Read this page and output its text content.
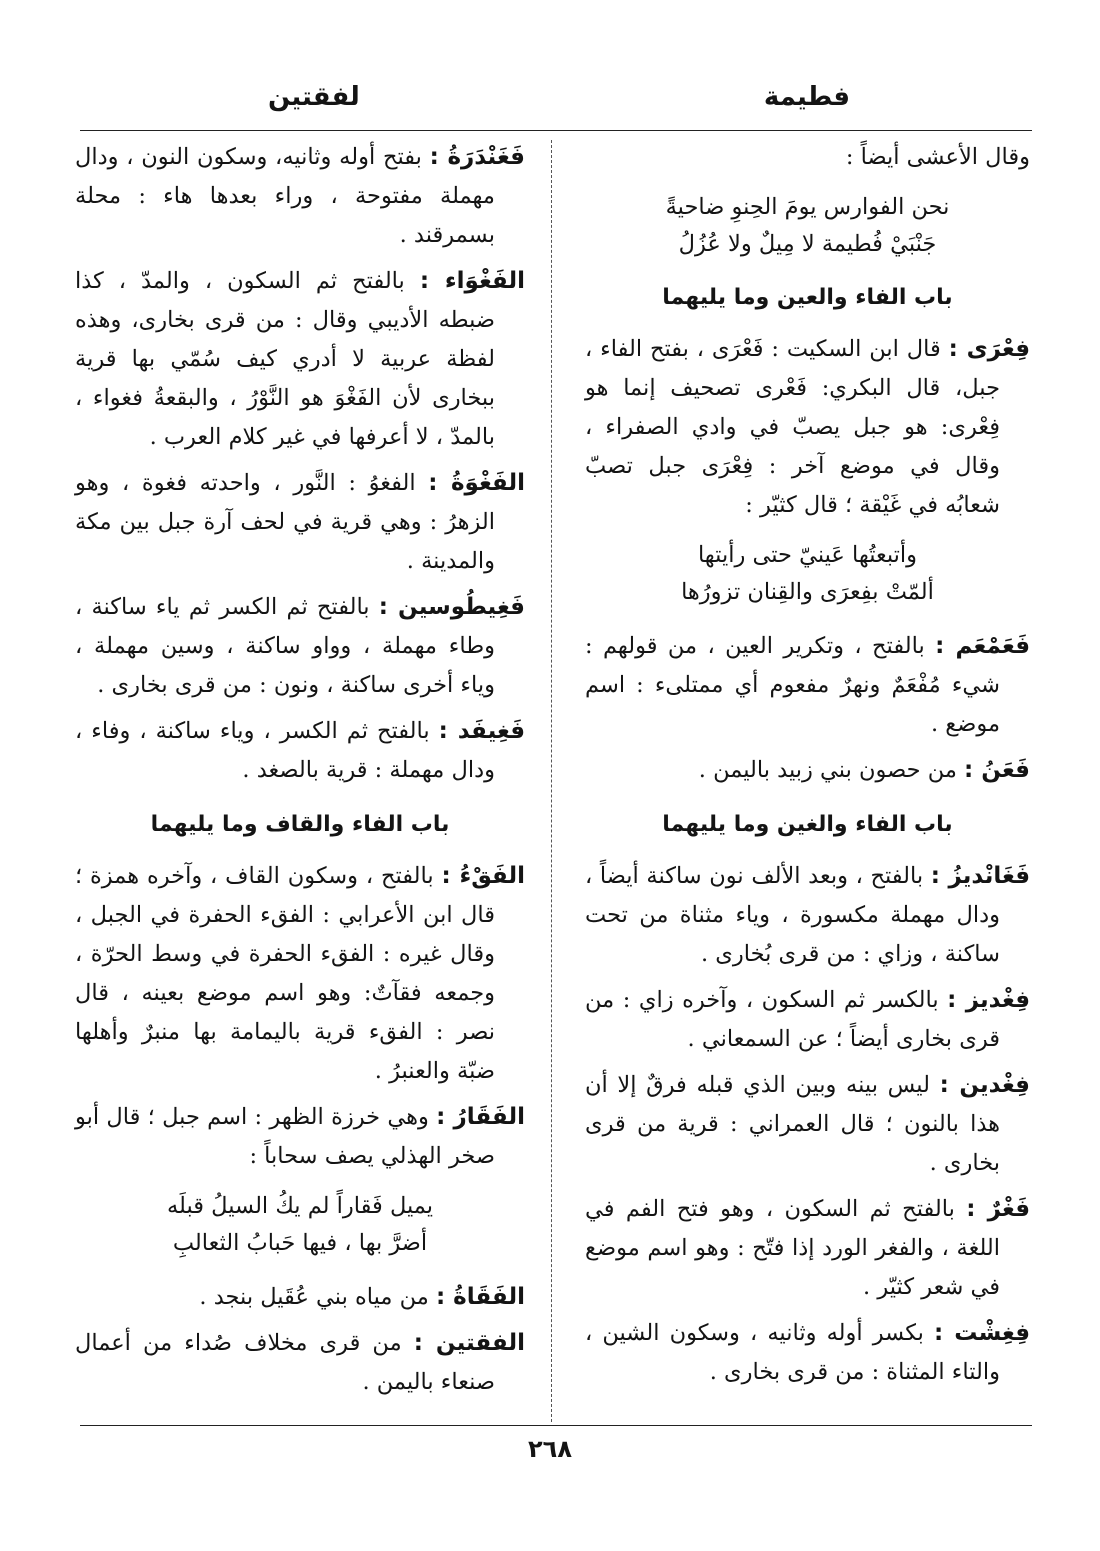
فطيمة
لفقتين
وقال الأعشى أيضاً :
نحن الفوارس يومَ الحِنوِ ضاحيةً
جَنْبَيْ فُطيمة لا مِيلٌ ولا عُزُلُ
باب الفاء والعين وما يليهما
فِعْرَى : قال ابن السكيت : فَعْرَى ، بفتح الفاء ، جبل، قال البكري: فَعْرى تصحيف إنما هو فِعْرى: هو جبل يصبّ في وادي الصفراء ، وقال في موضع آخر : فِعْرَى جبل تصبّ شعابُه في غَيْقة ؛ قال كثيّر :
وأتبعتُها عَينيّ حتى رأيتها
ألمّتْ بفِعرَى والقِنان تزورُها
فَعَمْعَم : بالفتح ، وتكرير العين ، من قولهم : شيء مُفْعَمٌ ونهرٌ مفعوم أي ممتلىء : اسم موضع .
فَعَنُ : من حصون بني زبيد باليمن .
باب الفاء والغين وما يليهما
فَغَانْديزُ : بالفتح ، وبعد الألف نون ساكنة أيضاً ، ودال مهملة مكسورة ، وياء مثناة من تحت ساكنة ، وزاي : من قرى بُخارى .
فِغْديز : بالكسر ثم السكون ، وآخره زاي : من قرى بخارى أيضاً ؛ عن السمعاني .
فِغْدين : ليس بينه وبين الذي قبله فرقٌ إلا أن هذا بالنون ؛ قال العمراني : قرية من قرى بخارى .
فَغْرٌ : بالفتح ثم السكون ، وهو فتح الفم في اللغة ، والفغر الورد إذا فتّح : وهو اسم موضع في شعر كثيّر .
فِغِشْت : بكسر أوله وثانيه ، وسكون الشين ، والتاء المثناة : من قرى بخارى .
فَغَنْدَرَةُ : بفتح أوله وثانيه، وسكون النون ، ودال مهملة مفتوحة ، وراء بعدها هاء : محلة بسمرقند .
الفَغْوَاء : بالفتح ثم السكون ، والمدّ ، كذا ضبطه الأديبي وقال : من قرى بخارى، وهذه لفظة عربية لا أدري كيف سُمّي بها قرية ببخارى لأن الفَغْوَ هو النَّوْرُ ، والبقعةُ فغواء ، بالمدّ ، لا أعرفها في غير كلام العرب .
الفَغْوَةُ : الفغوُ : النَّور ، واحدته فغوة ، وهو الزهرُ : وهي قرية في لحف آرة جبل بين مكة والمدينة .
فَغِيطُوسين : بالفتح ثم الكسر ثم ياء ساكنة ، وطاء مهملة ، وواو ساكنة ، وسين مهملة ، وياء أخرى ساكنة ، ونون : من قرى بخارى .
فَغِيفَد : بالفتح ثم الكسر ، وياء ساكنة ، وفاء ، ودال مهملة : قرية بالصغد .
باب الفاء والقاف وما يليهما
الفَقْءُ : بالفتح ، وسكون القاف ، وآخره همزة ؛ قال ابن الأعرابي : الفقء الحفرة في الجبل ، وقال غيره : الفقء الحفرة في وسط الحرّة ، وجمعه فقآتٌ: وهو اسم موضع بعينه ، قال نصر : الفقء قرية باليمامة بها منبرٌ وأهلها ضبّة والعنبرُ .
الفَقَارُ : وهي خرزة الظهر : اسم جبل ؛ قال أبو صخر الهذلي يصف سحاباً :
يميل فَقاراً لم يكُ السيلُ قبلَه
أضرَّ بها ، فيها حَبابُ الثعالبِ
الفَقَاةُ : من مياه بني عُقَيل بنجد .
الفقتين : من قرى مخلاف صُداء من أعمال صنعاء باليمن .
٢٦٨
